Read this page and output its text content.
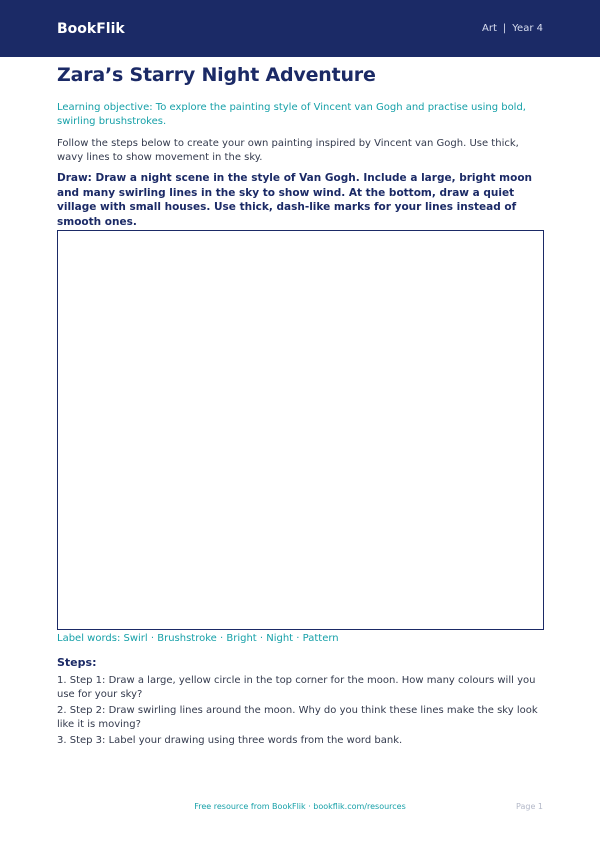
BookFlik	Art | Year 4
Zara’s Starry Night Adventure

Learning objective: To explore the painting style of Vincent van Gogh and practise using bold, swirling brushstrokes.

Follow the steps below to create your own painting inspired by Vincent van Gogh. Use thick, wavy lines to show movement in the sky.

Draw: Draw a night scene in the style of Van Gogh. Include a large, bright moon and many swirling lines in the sky to show wind. At the bottom, draw a quiet village with small houses. Use thick, dash-like marks for your lines instead of smooth ones.

Label words: Swirl · Brushstroke · Bright · Night · Pattern

Steps:
1. Step 1: Draw a large, yellow circle in the top corner for the moon. How many colours will you use for your sky?
2. Step 2: Draw swirling lines around the moon. Why do you think these lines make the sky look like it is moving?
3. Step 3: Label your drawing using three words from the word bank.
Free resource from BookFlik · bookflik.com/resources	Page 1
